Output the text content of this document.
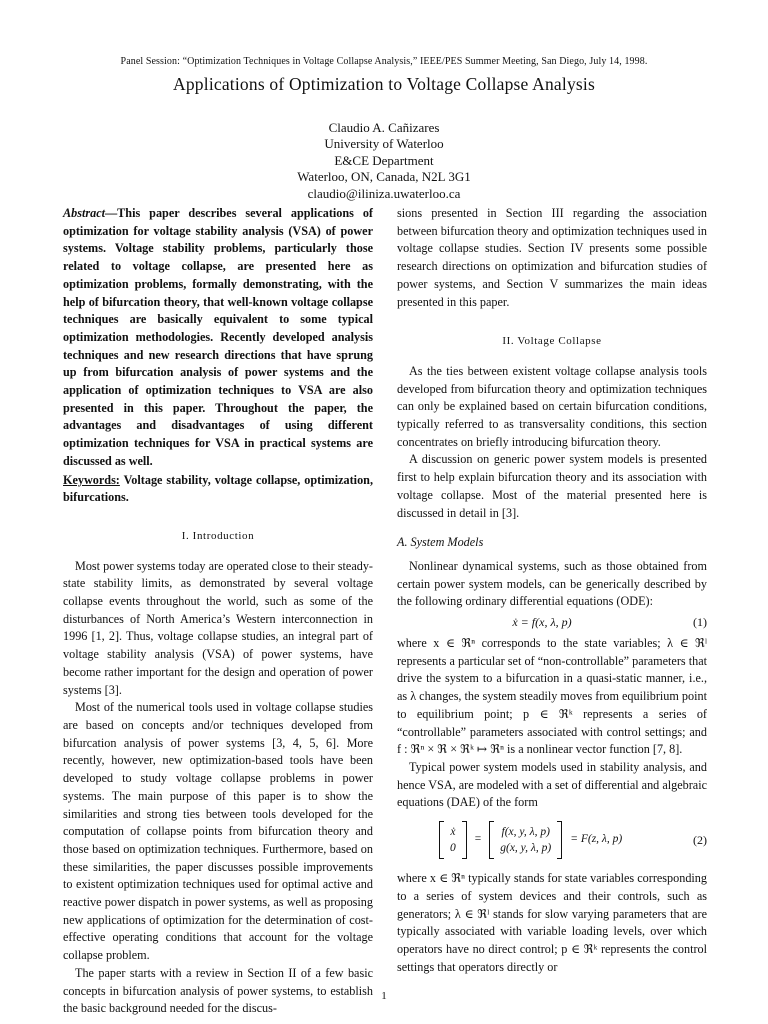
Panel Session: “Optimization Techniques in Voltage Collapse Analysis,” IEEE/PES Summer Meeting, San Diego, July 14, 1998.
Applications of Optimization to Voltage Collapse Analysis
Claudio A. Cañizares
University of Waterloo
E&CE Department
Waterloo, ON, Canada, N2L 3G1
claudio@iliniza.uwaterloo.ca

Abstract—This paper describes several applications of optimization for voltage stability analysis (VSA) of power systems. Voltage stability problems, particularly those related to voltage collapse, are presented here as optimization problems, formally demonstrating, with the help of bifurcation theory, that well-known voltage collapse techniques are basically equivalent to some typical optimization methodologies. Recently developed analysis techniques and new research directions that have sprung up from bifurcation analysis of power systems and the application of optimization techniques to VSA are also presented in this paper. Throughout the paper, the advantages and disadvantages of using different optimization techniques for VSA in practical systems are discussed as well.

Keywords: Voltage stability, voltage collapse, optimization, bifurcations.

I. Introduction

Most power systems today are operated close to their steady-state stability limits, as demonstrated by several voltage collapse events throughout the world, such as some of the disturbances of North America’s Western interconnection in 1996 [1, 2]. Thus, voltage collapse studies, an integral part of voltage stability analysis (VSA) of power systems, have become rather important for the design and operation of power systems [3].

Most of the numerical tools used in voltage collapse studies are based on concepts and/or techniques developed from bifurcation analysis of power systems [3, 4, 5, 6]. More recently, however, new optimization-based tools have been developed to study voltage collapse problems in power systems. The main purpose of this paper is to show the similarities and strong ties between tools developed for the computation of collapse points from bifurcation theory and those based on optimization techniques. Furthermore, based on these similarities, the paper discusses possible improvements to existent optimization techniques used for optimal active and reactive power dispatch in power systems, as well as proposing new applications of optimization for the determination of cost-effective operating conditions that account for the voltage collapse problem.

The paper starts with a review in Section II of a few basic concepts in bifurcation analysis of power systems, to establish the basic background needed for the discus-

sions presented in Section III regarding the association between bifurcation theory and optimization techniques used in voltage collapse studies. Section IV presents some possible research directions on optimization and bifurcation studies of power systems, and Section V summarizes the main ideas presented in this paper.

II. Voltage Collapse

As the ties between existent voltage collapse analysis tools developed from bifurcation theory and optimization techniques can only be explained based on certain bifurcation conditions, typically referred to as transversality conditions, this section concentrates on briefly introducing bifurcation theory.

A discussion on generic power system models is presented first to help explain bifurcation theory and its association with voltage collapse. Most of the material presented here is discussed in detail in [3].

A. System Models

Nonlinear dynamical systems, such as those obtained from certain power system models, can be generically described by the following ordinary differential equations (ODE):

ẋ = f(x, λ, p)	(1)

where x ∈ ℜⁿ corresponds to the state variables; λ ∈ ℜˡ represents a particular set of “non-controllable” parameters that drive the system to a bifurcation in a quasi-static manner, i.e., as λ changes, the system steadily moves from equilibrium point to equilibrium point; p ∈ ℜᵏ represents a series of “controllable” parameters associated with control settings; and f : ℜⁿ × ℜ × ℜᵏ ↦ ℜⁿ is a nonlinear vector function [7, 8].

Typical power system models used in stability analysis, and hence VSA, are modeled with a set of differential and algebraic equations (DAE) of the form

ẋ
0
=
f(x, y, λ, p)
g(x, y, λ, p)
= F(z, λ, p)	(2)

where x ∈ ℜⁿ typically stands for state variables corresponding to a series of system devices and their controls, such as generators; λ ∈ ℜˡ stands for slow varying parameters that are typically associated with variable loading levels, over which operators have no direct control; p ∈ ℜᵏ represents the control settings that operators directly or

1
